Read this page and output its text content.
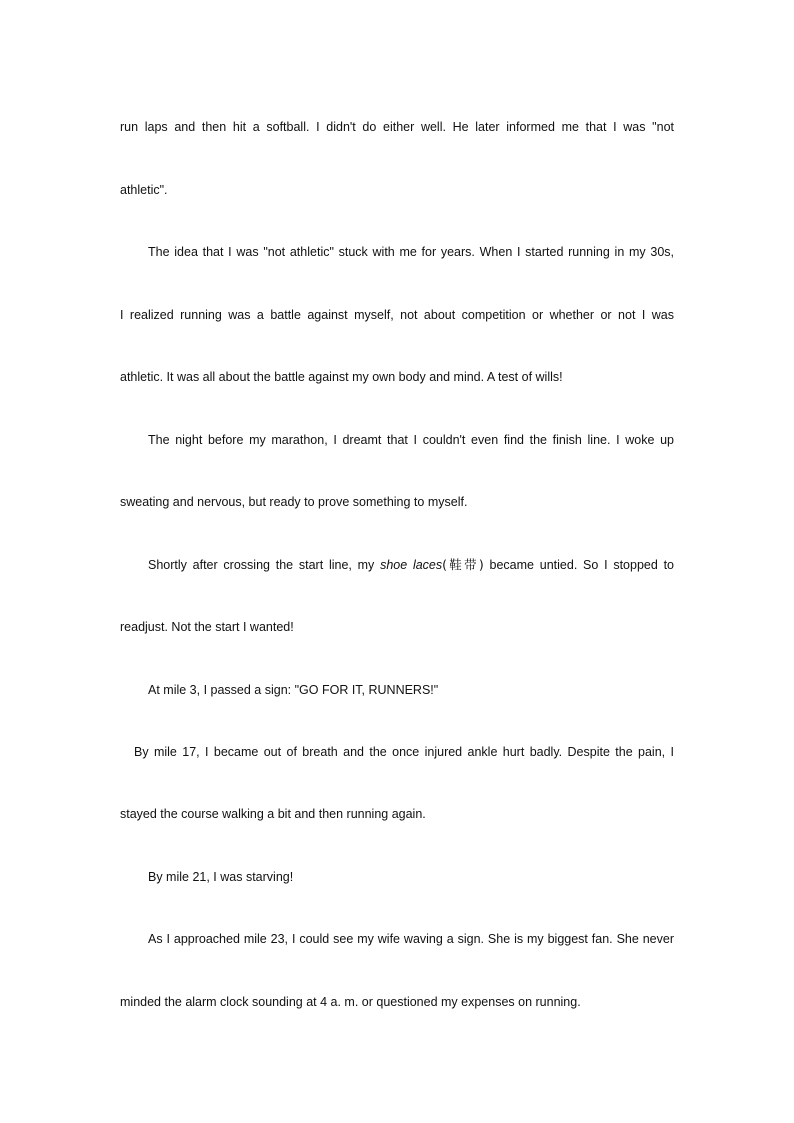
run laps and then hit a softball. I didn't do either well. He later informed me that I was "not
athletic".
The idea that I was "not athletic" stuck with me for years. When I started running in my 30s,
I realized running was a battle against myself, not about competition or whether or not I was
athletic. It was all about the battle against my own body and mind. A test of wills!
The night before my marathon, I dreamt that I couldn't even find the finish line. I woke up
sweating and nervous, but ready to prove something to myself.
Shortly after crossing the start line, my shoe laces(鞋带) became untied. So I stopped to
readjust. Not the start I wanted!
At mile 3, I passed a sign: "GO FOR IT, RUNNERS!"
By mile 17, I became out of breath and the once injured ankle hurt badly. Despite the pain, I
stayed the course walking a bit and then running again.
By mile 21, I was starving!
As I approached mile 23, I could see my wife waving a sign. She is my biggest fan. She never
minded the alarm clock sounding at 4 a. m. or questioned my expenses on running.
